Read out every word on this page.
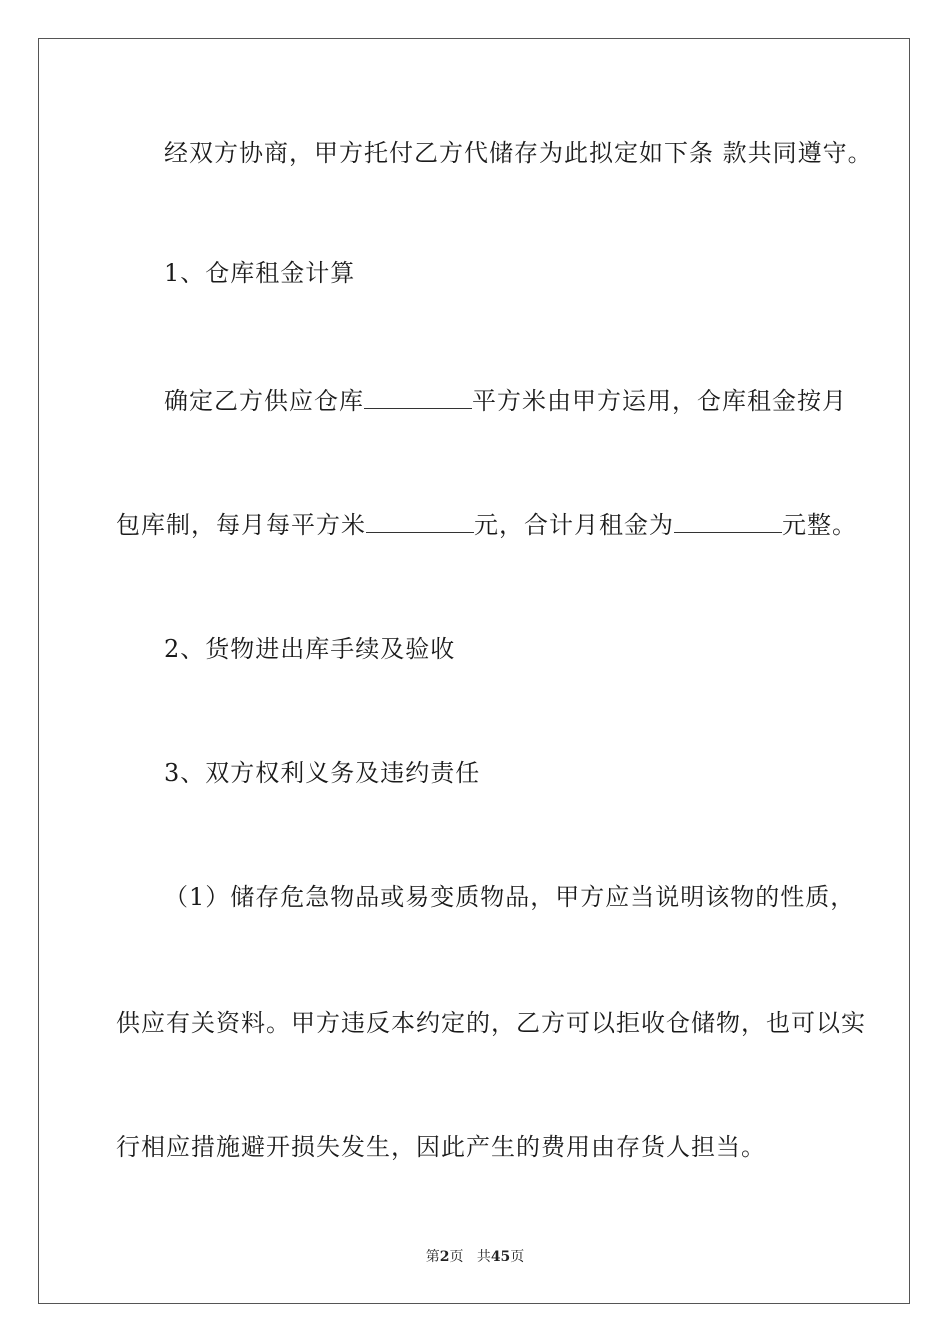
经双方协商，甲方托付乙方代储存为此拟定如下条 款共同遵守。
1、仓库租金计算
确定乙方供应仓库	平方米由甲方运用，仓库租金按月
包库制，每月每平方米	元，合计月租金为	元整。
2、货物进出库手续及验收
3、双方权利义务及违约责任
（1）储存危急物品或易变质物品，甲方应当说明该物的性质，
供应有关资料。甲方违反本约定的，乙方可以拒收仓储物，也可以实
行相应措施避开损失发生，因此产生的费用由存货人担当。
第2页 共45页
